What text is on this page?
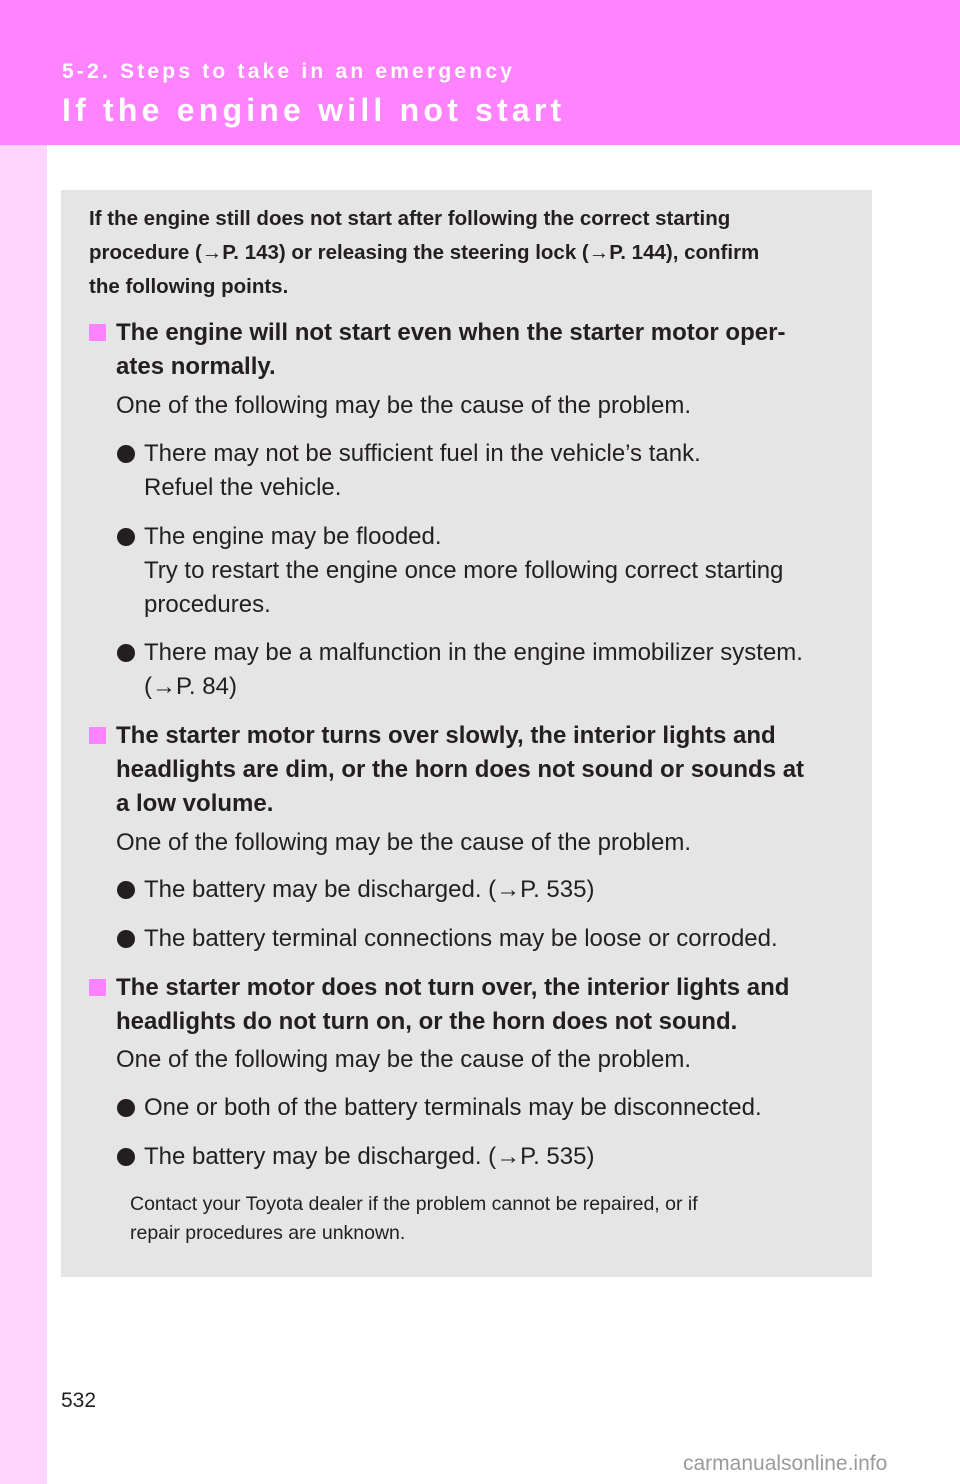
5-2. Steps to take in an emergency
If the engine will not start

If the engine still does not start after following the correct starting
procedure (→P. 143) or releasing the steering lock (→P. 144), confirm
the following points.

The engine will not start even when the starter motor oper-
ates normally.

One of the following may be the cause of the problem.

There may not be sufficient fuel in the vehicle’s tank.
Refuel the vehicle.

The engine may be flooded.
Try to restart the engine once more following correct starting
procedures.

There may be a malfunction in the engine immobilizer system.
(→P. 84)

The starter motor turns over slowly, the interior lights and
headlights are dim, or the horn does not sound or sounds at
a low volume.

One of the following may be the cause of the problem.

The battery may be discharged. (→P. 535)

The battery terminal connections may be loose or corroded.

The starter motor does not turn over, the interior lights and
headlights do not turn on, or the horn does not sound.

One of the following may be the cause of the problem.

One or both of the battery terminals may be disconnected.

The battery may be discharged. (→P. 535)

Contact your Toyota dealer if the problem cannot be repaired, or if
repair procedures are unknown.

532
carmanualsonline.info
